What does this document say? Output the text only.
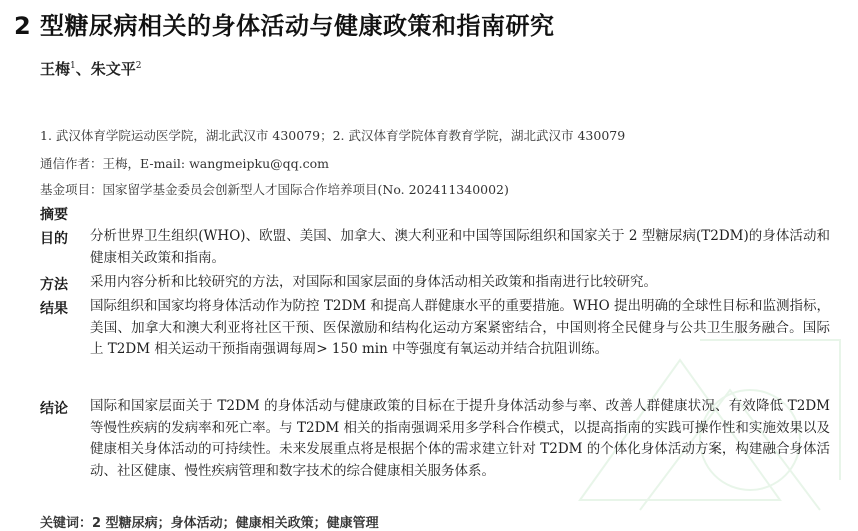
2 型糖尿病相关的身体活动与健康政策和指南研究
王梅$^1$、朱文平$^2$
1. 武汉体育学院运动医学院，湖北武汉市 430079；2. 武汉体育学院体育教育学院，湖北武汉市 430079
通信作者：王梅，E-mail: wangmeipku@qq.com
基金项目：国家留学基金委员会创新型人才国际合作培养项目(No. 202411340002)
摘要
目的 分析世界卫生组织(WHO)、欧盟、美国、加拿大、澳大利亚和中国等国际组织和国家关于 2 型糖尿病(T2DM)的身体活动和健康相关政策和指南。
方法 采用内容分析和比较研究的方法，对国际和国家层面的身体活动相关政策和指南进行比较研究。
结果 国际组织和国家均将身体活动作为防控 T2DM 和提高人群健康水平的重要措施。WHO 提出明确的全球性目标和监测指标，美国、加拿大和澳大利亚将社区干预、医保激励和结构化运动方案紧密结合，中国则将全民健身与公共卫生服务融合。国际上 T2DM 相关运动干预指南强调每周> 150 min 中等强度有氧运动并结合抗阻训练。
结论 国际和国家层面关于 T2DM 的身体活动与健康政策的目标在于提升身体活动参与率、改善人群健康状况、有效降低 T2DM 等慢性疾病的发病率和死亡率。与 T2DM 相关的指南强调采用多学科合作模式，以提高指南的实践可操作性和实施效果以及健康相关身体活动的可持续性。未来发展重点将是根据个体的需求建立针对 T2DM 的个体化身体活动方案，构建融合身体活动、社区健康、慢性疾病管理和数字技术的综合健康相关服务体系。
关键词：2 型糖尿病；身体活动；健康相关政策；健康管理
